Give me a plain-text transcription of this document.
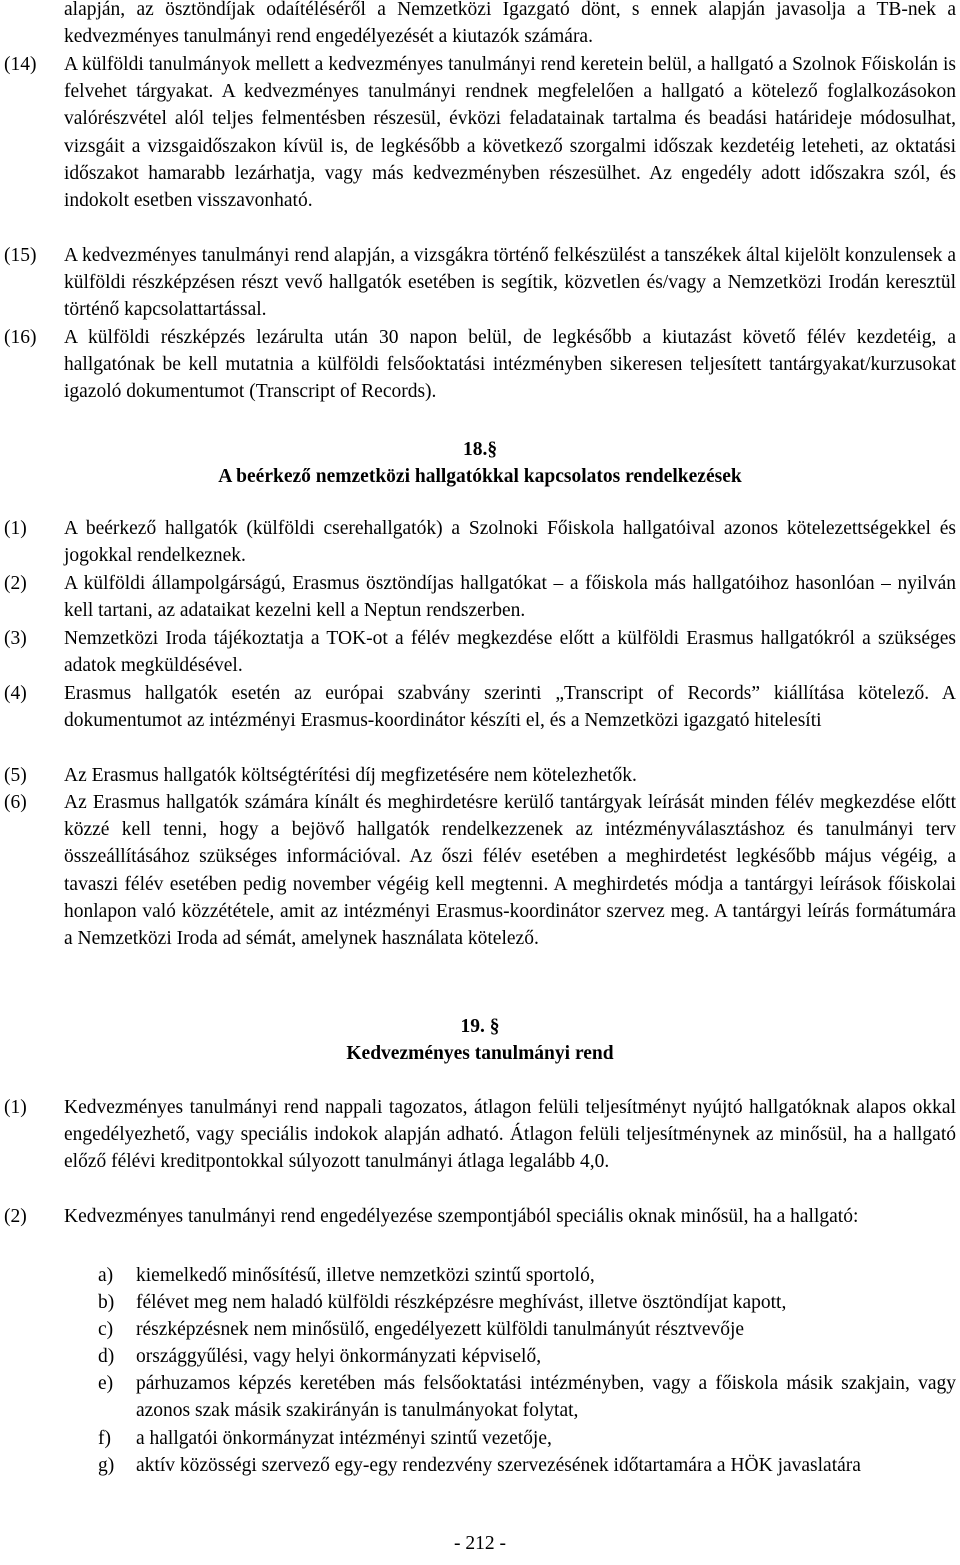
alapján, az ösztöndíjak odaítéléséről a Nemzetközi Igazgató dönt, s ennek alapján javasolja a TB-nek a kedvezményes tanulmányi rend engedélyezését a kiutazók számára.
(14) A külföldi tanulmányok mellett a kedvezményes tanulmányi rend keretein belül, a hallgató a Szolnok Főiskolán is felvehet tárgyakat. A kedvezményes tanulmányi rendnek megfelelően a hallgató a kötelező foglalkozásokon valórészvétel alól teljes felmentésben részesül, évközi feladatainak tartalma és beadási határideje módosulhat, vizsgáit a vizsgaidőszakon kívül is, de legkésőbb a következő szorgalmi időszak kezdetéig leteheti, az oktatási időszakot hamarabb lezárhatja, vagy más kedvezményben részesülhet. Az engedély adott időszakra szól, és indokolt esetben visszavonható.
(15) A kedvezményes tanulmányi rend alapján, a vizsgákra történő felkészülést a tanszékek által kijelölt konzulensek a külföldi részképzésen részt vevő hallgatók esetében is segítik, közvetlen és/vagy a Nemzetközi Irodán keresztül történő kapcsolattartással.
(16) A külföldi részképzés lezárulta után 30 napon belül, de legkésőbb a kiutazást követő félév kezdetéig, a hallgatónak be kell mutatnia a külföldi felsőoktatási intézményben sikeresen teljesített tantárgyakat/kurzusokat igazoló dokumentumot (Transcript of Records).
18.§
A beérkező nemzetközi hallgatókkal kapcsolatos rendelkezések
(1) A beérkező hallgatók (külföldi cserehallgatók) a Szolnoki Főiskola hallgatóival azonos kötelezettségekkel és jogokkal rendelkeznek.
(2) A külföldi állampolgárságú, Erasmus ösztöndíjas hallgatókat – a főiskola más hallgatóihoz hasonlóan – nyilván kell tartani, az adataikat kezelni kell a Neptun rendszerben.
(3) Nemzetközi Iroda tájékoztatja a TOK-ot a félév megkezdése előtt a külföldi Erasmus hallgatókról a szükséges adatok megküldésével.
(4) Erasmus hallgatók esetén az európai szabvány szerinti „Transcript of Records” kiállítása kötelező. A dokumentumot az intézményi Erasmus-koordinátor készíti el, és a Nemzetközi igazgató hitelesíti
(5) Az Erasmus hallgatók költségtérítési díj megfizetésére nem kötelezhetők.
(6) Az Erasmus hallgatók számára kínált és meghirdetésre kerülő tantárgyak leírását minden félév megkezdése előtt közzé kell tenni, hogy a bejövő hallgatók rendelkezzenek az intézményválasztáshoz és tanulmányi terv összeállításához szükséges információval. Az őszi félév esetében a meghirdetést legkésőbb május végéig, a tavaszi félév esetében pedig november végéig kell megtenni. A meghirdetés módja a tantárgyi leírások főiskolai honlapon való közzététele, amit az intézményi Erasmus-koordinátor szervez meg. A tantárgyi leírás formátumára a Nemzetközi Iroda ad sémát, amelynek használata kötelező.
19. §
Kedvezményes tanulmányi rend
(1) Kedvezményes tanulmányi rend nappali tagozatos, átlagon felüli teljesítményt nyújtó hallgatóknak alapos okkal engedélyezhető, vagy speciális indokok alapján adható. Átlagon felüli teljesítménynek az minősül, ha a hallgató előző félévi kreditpontokkal súlyozott tanulmányi átlaga legalább 4,0.
(2) Kedvezményes tanulmányi rend engedélyezése szempontjából speciális oknak minősül, ha a hallgató:
a) kiemelkedő minősítésű, illetve nemzetközi szintű sportoló,
b) félévet meg nem haladó külföldi részképzésre meghívást, illetve ösztöndíjat kapott,
c) részképzésnek nem minősülő, engedélyezett külföldi tanulmányút résztvevője
d) országgyűlési, vagy helyi önkormányzati képviselő,
e) párhuzamos képzés keretében más felsőoktatási intézményben, vagy a főiskola másik szakjain, vagy azonos szak másik szakirányán is tanulmányokat folytat,
f) a hallgatói önkormányzat intézményi szintű vezetője,
g) aktív közösségi szervező egy-egy rendezvény szervezésének időtartamára a HÖK javaslatára
- 212 -
